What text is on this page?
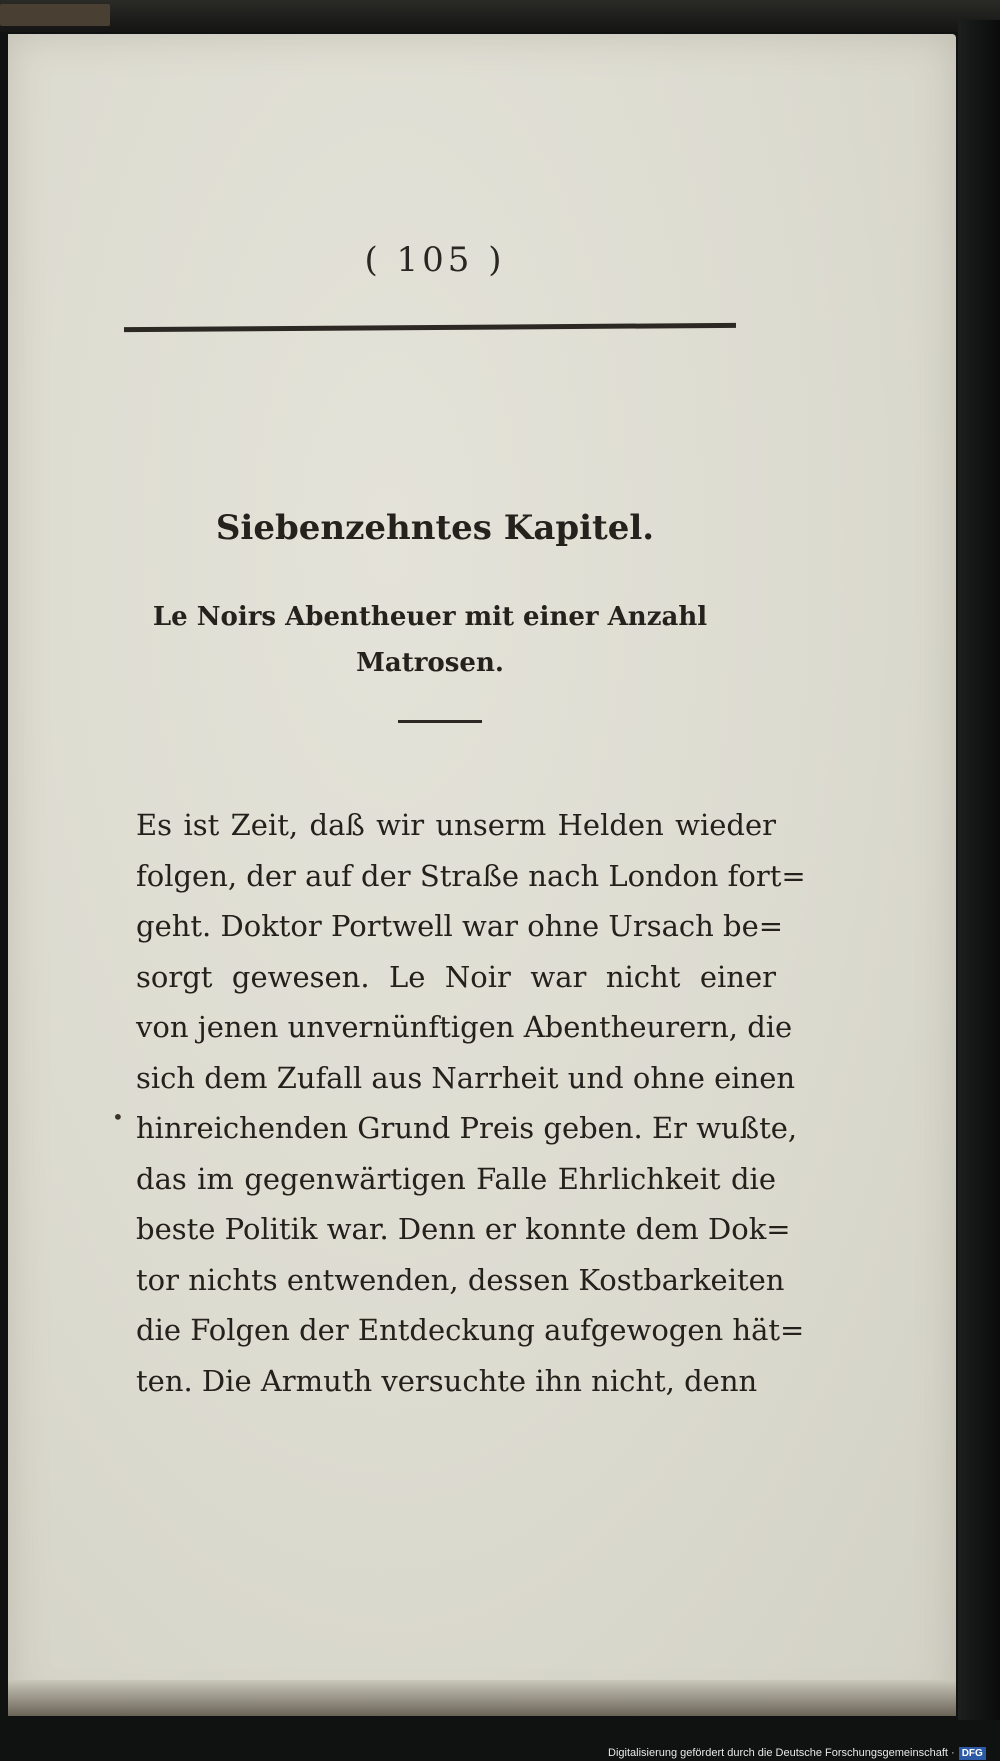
( 105 )
Siebenzehntes Kapitel.
Le Noirs Abentheuer mit einer Anzahl Matrosen.
Es ist Zeit, daß wir unserm Helden wieder
folgen, der auf der Straße nach London fort=
geht. Doktor Portwell war ohne Ursach be=
sorgt gewesen. Le Noir war nicht einer
von jenen unvernünftigen Abentheurern, die
sich dem Zufall aus Narrheit und ohne einen
hinreichenden Grund Preis geben. Er wußte,
das im gegenwärtigen Falle Ehrlichkeit die
beste Politik war. Denn er konnte dem Dok=
tor nichts entwenden, dessen Kostbarkeiten
die Folgen der Entdeckung aufgewogen hät=
ten. Die Armuth versuchte ihn nicht, denn
•
Digitalisierung gefördert durch die Deutsche Forschungsgemeinschaft · DFG
